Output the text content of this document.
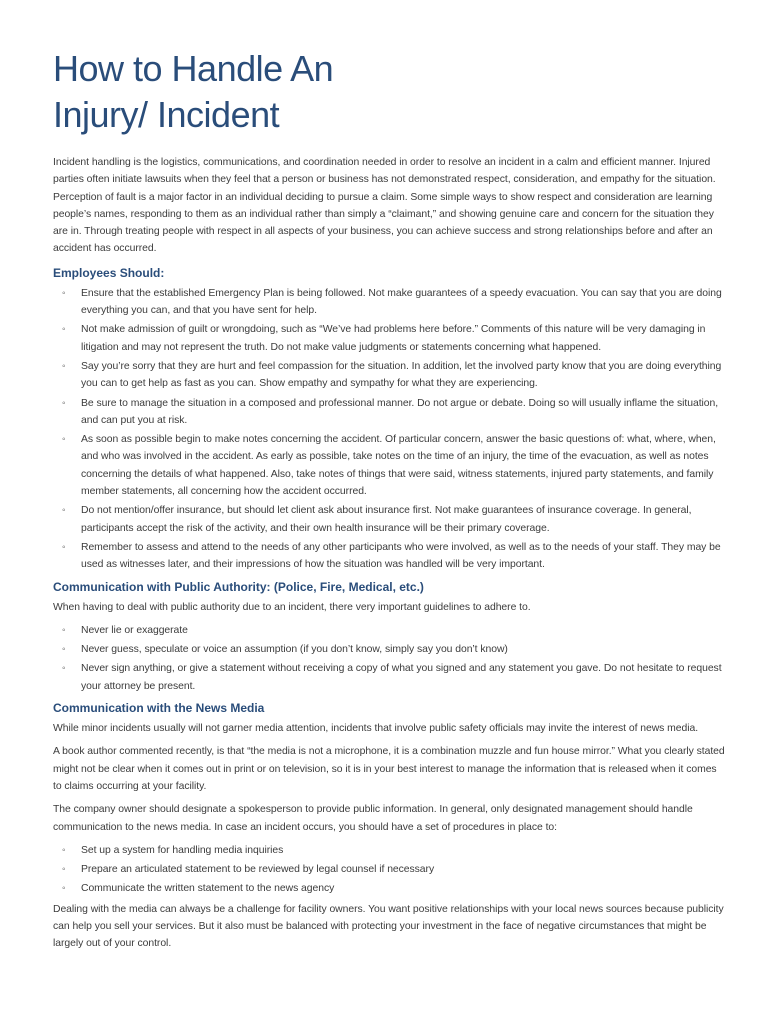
How to Handle An
Injury/ Incident

Incident handling is the logistics, communications, and coordination needed in order to resolve an incident in a calm and efficient manner. Injured parties often initiate lawsuits when they feel that a person or business has not demonstrated respect, consideration, and empathy for the situation. Perception of fault is a major factor in an individual deciding to pursue a claim. Some simple ways to show respect and consideration are learning people’s names, responding to them as an individual rather than simply a “claimant,” and showing genuine care and concern for the situation they are in. Through treating people with respect in all aspects of your business, you can achieve success and strong relationships before and after an accident has occurred.

Employees Should:
◦ Ensure that the established Emergency Plan is being followed. Not make guarantees of a speedy evacuation. You can say that you are doing everything you can, and that you have sent for help.
◦ Not make admission of guilt or wrongdoing, such as “We’ve had problems here before.” Comments of this nature will be very damaging in litigation and may not represent the truth. Do not make value judgments or statements concerning what happened.
◦ Say you’re sorry that they are hurt and feel compassion for the situation. In addition, let the involved party know that you are doing everything you can to get help as fast as you can. Show empathy and sympathy for what they are experiencing.
◦ Be sure to manage the situation in a composed and professional manner. Do not argue or debate. Doing so will usually inflame the situation, and can put you at risk.
◦ As soon as possible begin to make notes concerning the accident. Of particular concern, answer the basic questions of: what, where, when, and who was involved in the accident. As early as possible, take notes on the time of an injury, the time of the evacuation, as well as notes concerning the details of what happened. Also, take notes of things that were said, witness statements, injured party statements, and family member statements, all concerning how the accident occurred.
◦ Do not mention/offer insurance, but should let client ask about insurance first. Not make guarantees of insurance coverage. In general, participants accept the risk of the activity, and their own health insurance will be their primary coverage.
◦ Remember to assess and attend to the needs of any other participants who were involved, as well as to the needs of your staff. They may be used as witnesses later, and their impressions of how the situation was handled will be very important.
Communication with Public Authority: (Police, Fire, Medical, etc.)

When having to deal with public authority due to an incident, there very important guidelines to adhere to.

◦ Never lie or exaggerate
◦ Never guess, speculate or voice an assumption (if you don’t know, simply say you don’t know)
◦ Never sign anything, or give a statement without receiving a copy of what you signed and any statement you gave. Do not hesitate to request your attorney be present.
Communication with the News Media

While minor incidents usually will not garner media attention, incidents that involve public safety officials may invite the interest of news media.

A book author commented recently, is that “the media is not a microphone, it is a combination muzzle and fun house mirror.” What you clearly stated might not be clear when it comes out in print or on television, so it is in your best interest to manage the information that is released when it comes to claims occurring at your facility.

The company owner should designate a spokesperson to provide public information. In general, only designated management should handle communication to the news media. In case an incident occurs, you should have a set of procedures in place to:

◦ Set up a system for handling media inquiries
◦ Prepare an articulated statement to be reviewed by legal counsel if necessary
◦ Communicate the written statement to the news agency

Dealing with the media can always be a challenge for facility owners. You want positive relationships with your local news sources because publicity can help you sell your services. But it also must be balanced with protecting your investment in the face of negative circumstances that might be largely out of your control.
